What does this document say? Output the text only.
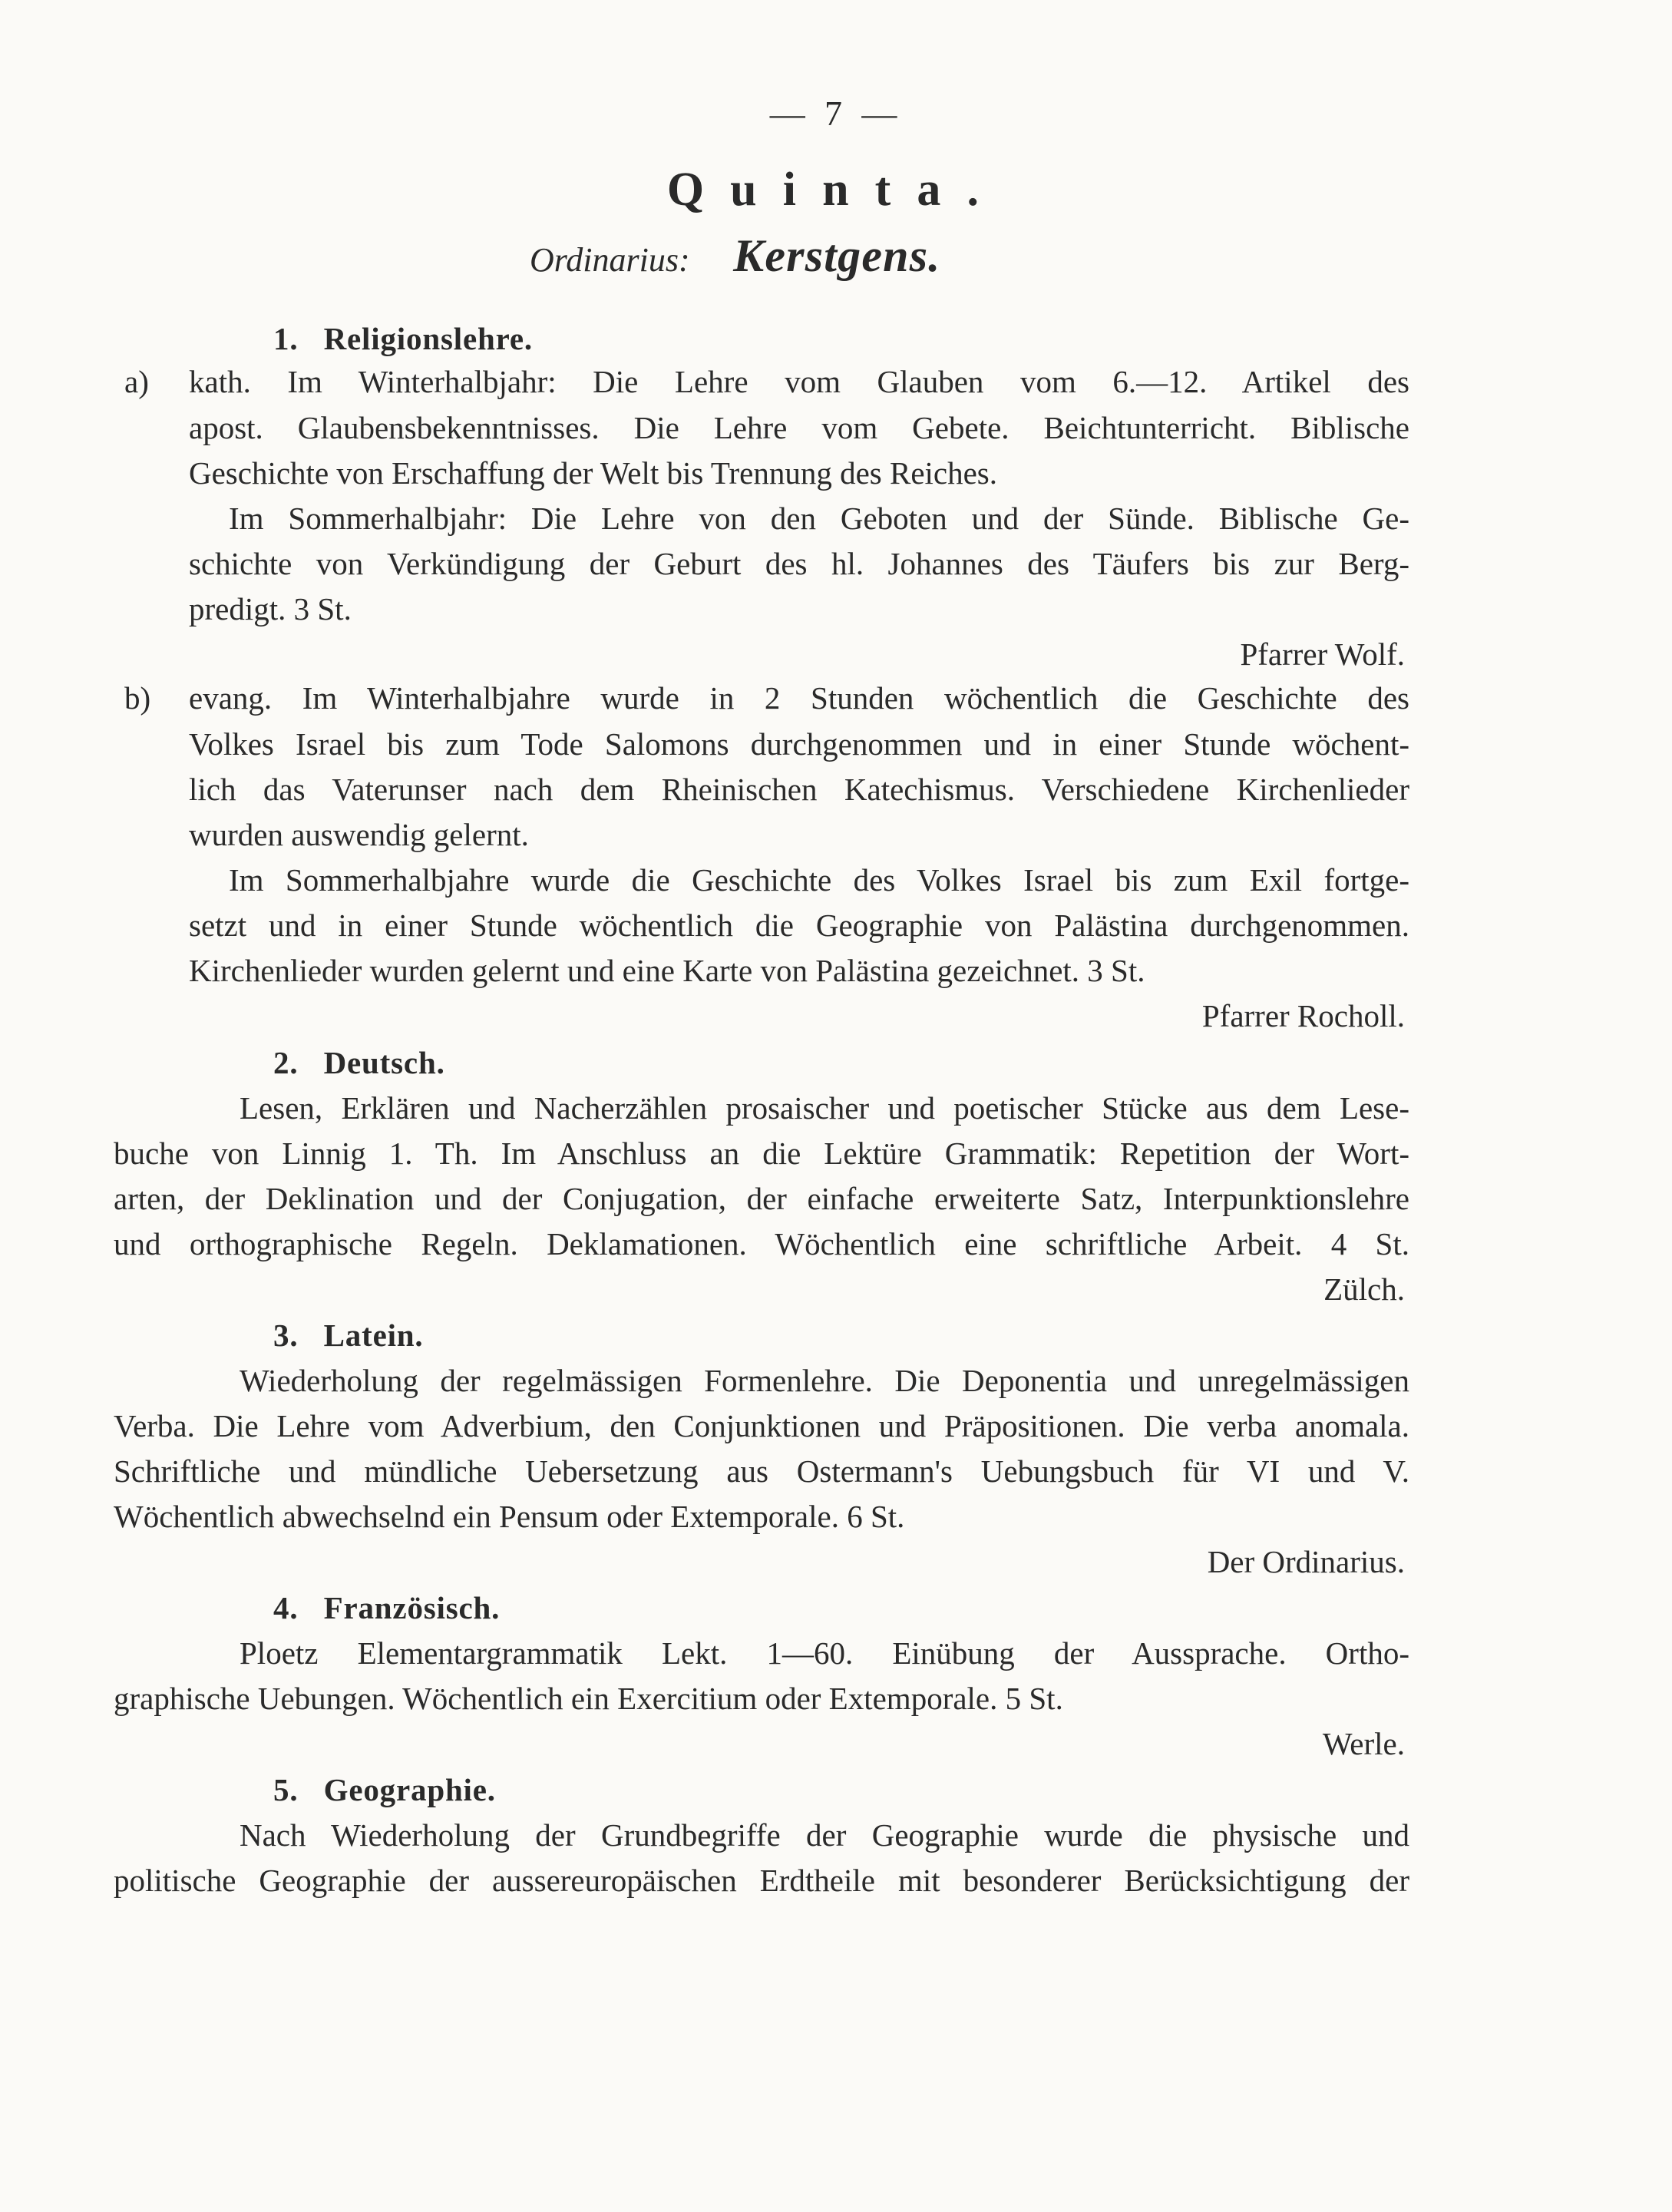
— 7 —
Quinta.
Ordinarius: Kerstgens.
1. Religionslehre.
a) kath. Im Winterhalbjahr: Die Lehre vom Glauben vom 6.—12. Artikel des
apost. Glaubensbekenntnisses. Die Lehre vom Gebete. Beichtunterricht. Biblische
Geschichte von Erschaffung der Welt bis Trennung des Reiches.
Im Sommerhalbjahr: Die Lehre von den Geboten und der Sünde. Biblische Ge-
schichte von Verkündigung der Geburt des hl. Johannes des Täufers bis zur Berg-
predigt. 3 St.
Pfarrer Wolf.
b) evang. Im Winterhalbjahre wurde in 2 Stunden wöchentlich die Geschichte des
Volkes Israel bis zum Tode Salomons durchgenommen und in einer Stunde wöchent-
lich das Vaterunser nach dem Rheinischen Katechismus. Verschiedene Kirchenlieder
wurden auswendig gelernt.
Im Sommerhalbjahre wurde die Geschichte des Volkes Israel bis zum Exil fortge-
setzt und in einer Stunde wöchentlich die Geographie von Palästina durchgenommen.
Kirchenlieder wurden gelernt und eine Karte von Palästina gezeichnet. 3 St.
Pfarrer Rocholl.
2. Deutsch.
Lesen, Erklären und Nacherzählen prosaischer und poetischer Stücke aus dem Lese-
buche von Linnig 1. Th. Im Anschluss an die Lektüre Grammatik: Repetition der Wort-
arten, der Deklination und der Conjugation, der einfache erweiterte Satz, Interpunktionslehre
und orthographische Regeln. Deklamationen. Wöchentlich eine schriftliche Arbeit. 4 St.
Zülch.
3. Latein.
Wiederholung der regelmässigen Formenlehre. Die Deponentia und unregelmässigen
Verba. Die Lehre vom Adverbium, den Conjunktionen und Präpositionen. Die verba anomala.
Schriftliche und mündliche Uebersetzung aus Ostermann's Uebungsbuch für VI und V.
Wöchentlich abwechselnd ein Pensum oder Extemporale. 6 St.
Der Ordinarius.
4. Französisch.
Ploetz Elementargrammatik Lekt. 1—60. Einübung der Aussprache. Ortho-
graphische Uebungen. Wöchentlich ein Exercitium oder Extemporale. 5 St.
Werle.
5. Geographie.
Nach Wiederholung der Grundbegriffe der Geographie wurde die physische und
politische Geographie der aussereuropäischen Erdtheile mit besonderer Berücksichtigung der
